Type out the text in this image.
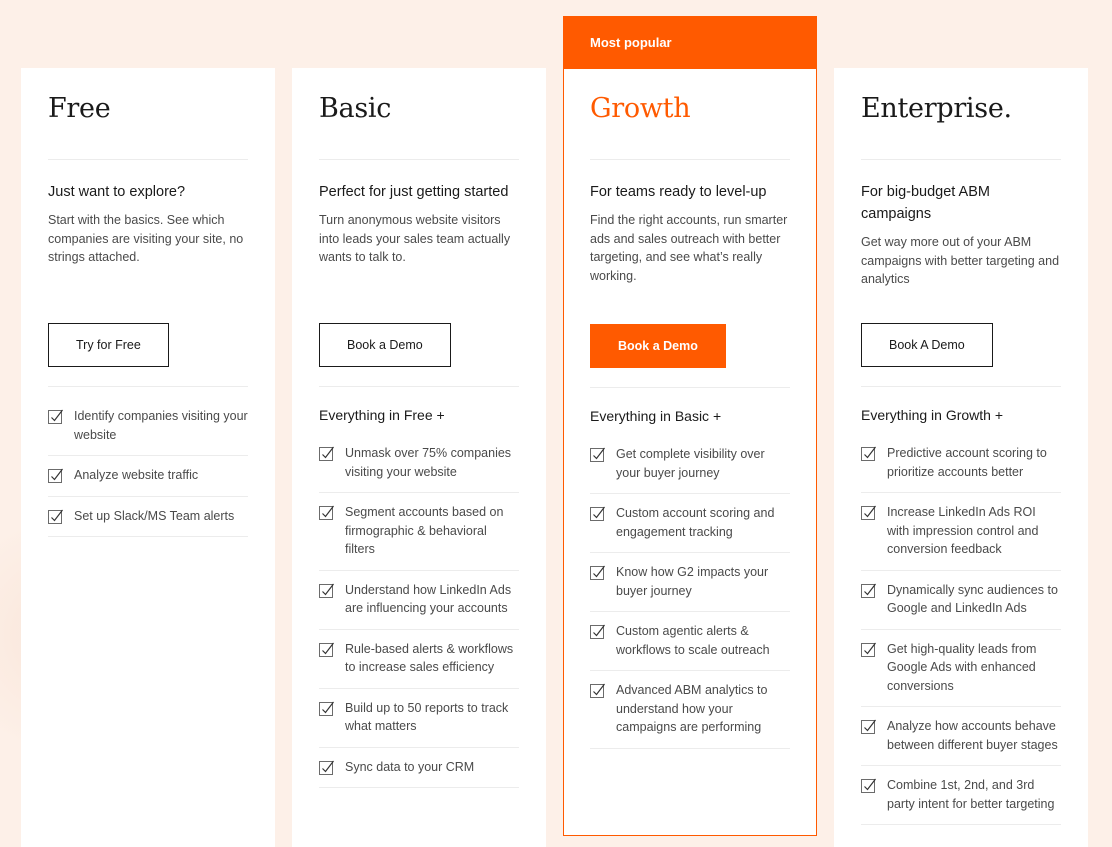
Free
Just want to explore?
Start with the basics. See which companies are visiting your site, no strings attached.
Try for Free
Identify companies visiting your website
Analyze website traffic
Set up Slack/MS Team alerts
Basic
Perfect for just getting started
Turn anonymous website visitors into leads your sales team actually wants to talk to.
Book a Demo
Everything in Free +
Unmask over 75% companies visiting your website
Segment accounts based on firmographic & behavioral filters
Understand how LinkedIn Ads are influencing your accounts
Rule-based alerts & workflows to increase sales efficiency
Build up to 50 reports to track what matters
Sync data to your CRM
Most popular
Growth
For teams ready to level-up
Find the right accounts, run smarter ads and sales outreach with better targeting, and see what’s really working.
Book a Demo
Everything in Basic +
Get complete visibility over your buyer journey
Custom account scoring and engagement tracking
Know how G2 impacts your buyer journey
Custom agentic alerts & workflows to scale outreach
Advanced ABM analytics to understand how your campaigns are performing
Enterprise.
For big-budget ABM campaigns
Get way more out of your ABM campaigns with better targeting and analytics
Book A Demo
Everything in Growth +
Predictive account scoring to prioritize accounts better
Increase LinkedIn Ads ROI with impression control and conversion feedback
Dynamically sync audiences to Google and LinkedIn Ads
Get high-quality leads from Google Ads with enhanced conversions
Analyze how accounts behave between different buyer stages
Combine 1st, 2nd, and 3rd party intent for better targeting
